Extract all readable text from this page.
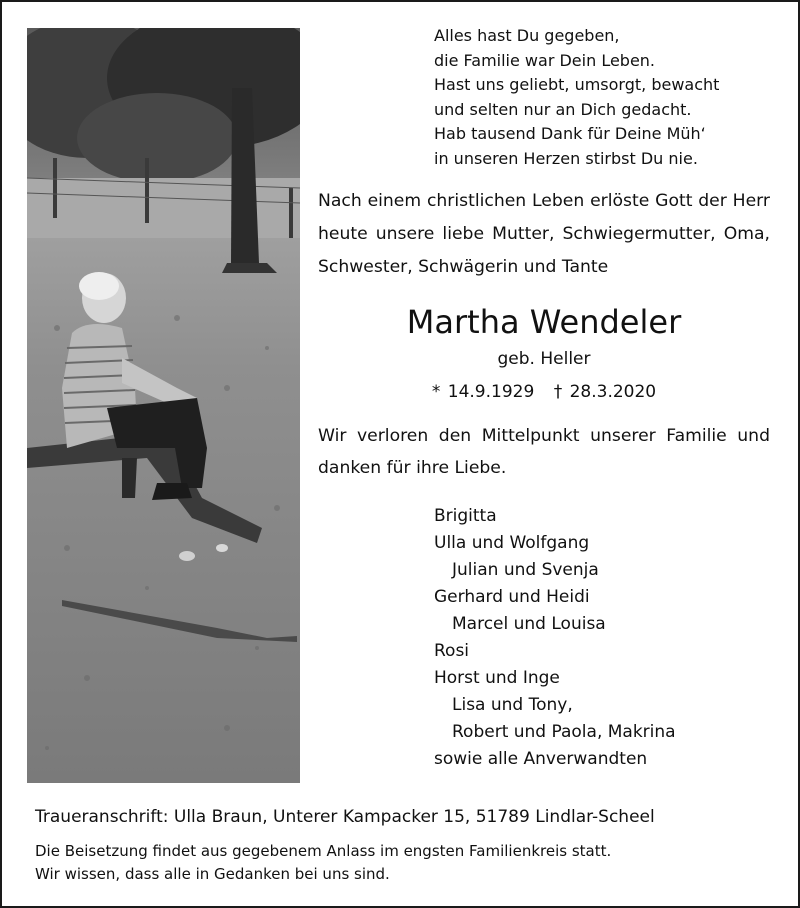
Alles hast Du gegeben,
die Familie war Dein Leben.
Hast uns geliebt, umsorgt, bewacht
und selten nur an Dich gedacht.
Hab tausend Dank für Deine Müh‘
in unseren Herzen stirbst Du nie.
Nach einem christlichen Leben erlöste Gott der Herr heute unsere liebe Mutter, Schwiegermutter, Oma, Schwester, Schwägerin und Tante
Martha Wendeler
geb. Heller
* 14.9.1929 † 28.3.2020
Wir verloren den Mittelpunkt unserer Familie und danken für ihre Liebe.
Brigitta
Ulla und Wolfgang
Julian und Svenja
Gerhard und Heidi
Marcel und Louisa
Rosi
Horst und Inge
Lisa und Tony,
Robert und Paola, Makrina
sowie alle Anverwandten
Traueranschrift: Ulla Braun, Unterer Kampacker 15, 51789 Lindlar-Scheel
Die Beisetzung findet aus gegebenem Anlass im engsten Familienkreis statt.
Wir wissen, dass alle in Gedanken bei uns sind.
